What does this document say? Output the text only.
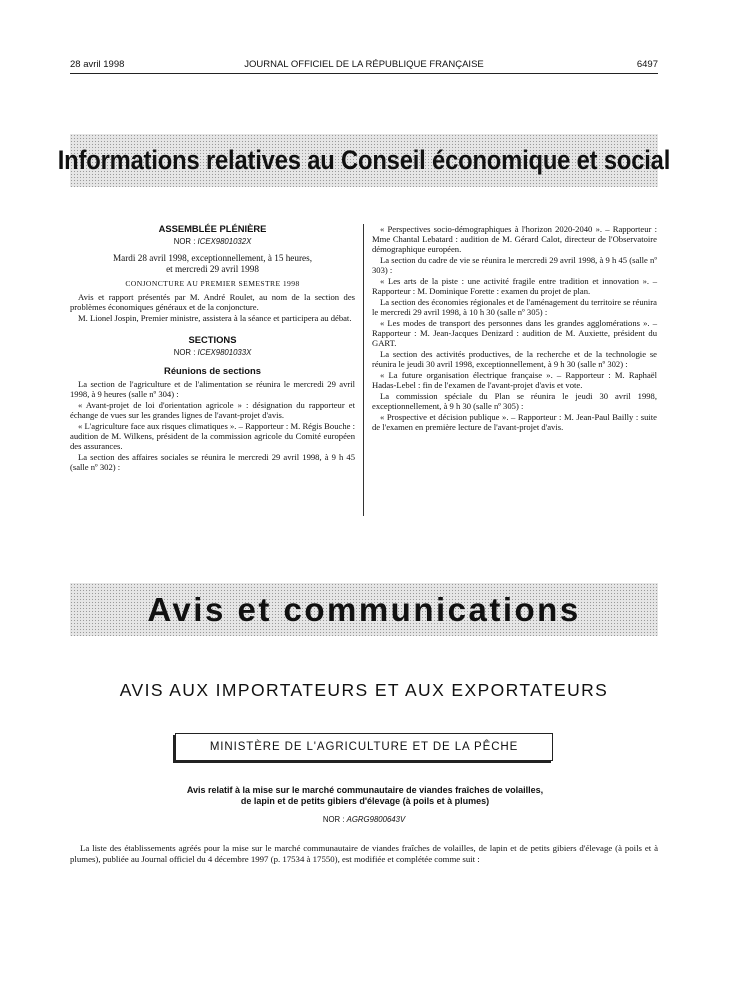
28 avril 1998	JOURNAL OFFICIEL DE LA RÉPUBLIQUE FRANÇAISE	6497
Informations relatives au Conseil économique et social
ASSEMBLÉE PLÉNIÈRE
NOR : ICEX9801032X
Mardi 28 avril 1998, exceptionnellement, à 15 heures,
et mercredi 29 avril 1998
CONJONCTURE AU PREMIER SEMESTRE 1998

Avis et rapport présentés par M. André Roulet, au nom de la section des problèmes économiques généraux et de la conjoncture.

M. Lionel Jospin, Premier ministre, assistera à la séance et participera au débat.

SECTIONS
NOR : ICEX9801033X
Réunions de sections

La section de l'agriculture et de l'alimentation se réunira le mercredi 29 avril 1998, à 9 heures (salle nº 304) :

« Avant-projet de loi d'orientation agricole » : désignation du rapporteur et échange de vues sur les grandes lignes de l'avant-projet d'avis.

« L'agriculture face aux risques climatiques ». – Rapporteur : M. Régis Bouche : audition de M. Wilkens, président de la commission agricole du Comité européen des assurances.

La section des affaires sociales se réunira le mercredi 29 avril 1998, à 9 h 45 (salle nº 302) :

« Perspectives socio-démographiques à l'horizon 2020-2040 ». – Rapporteur : Mme Chantal Lebatard : audition de M. Gérard Calot, directeur de l'Observatoire démographique européen.

La section du cadre de vie se réunira le mercredi 29 avril 1998, à 9 h 45 (salle nº 303) :

« Les arts de la piste : une activité fragile entre tradition et innovation ». – Rapporteur : M. Dominique Forette : examen du projet de plan.

La section des économies régionales et de l'aménagement du territoire se réunira le mercredi 29 avril 1998, à 10 h 30 (salle nº 305) :

« Les modes de transport des personnes dans les grandes agglomérations ». – Rapporteur : M. Jean-Jacques Denizard : audition de M. Auxiette, président du GART.

La section des activités productives, de la recherche et de la technologie se réunira le jeudi 30 avril 1998, exceptionnellement, à 9 h 30 (salle nº 302) :

« La future organisation électrique française ». – Rapporteur : M. Raphaël Hadas-Lebel : fin de l'examen de l'avant-projet d'avis et vote.

La commission spéciale du Plan se réunira le jeudi 30 avril 1998, exceptionnellement, à 9 h 30 (salle nº 305) :

« Prospective et décision publique ». – Rapporteur : M. Jean-Paul Bailly : suite de l'examen en première lecture de l'avant-projet d'avis.

Avis et communications
AVIS AUX IMPORTATEURS ET AUX EXPORTATEURS
MINISTÈRE DE L'AGRICULTURE ET DE LA PÊCHE
Avis relatif à la mise sur le marché communautaire de viandes fraîches de volailles,
de lapin et de petits gibiers d'élevage (à poils et à plumes)
NOR : AGRG9800643V

La liste des établissements agréés pour la mise sur le marché communautaire de viandes fraîches de volailles, de lapin et de petits gibiers d'élevage (à poils et à plumes), publiée au Journal officiel du 4 décembre 1997 (p. 17534 à 17550), est modifiée et complétée comme suit :
